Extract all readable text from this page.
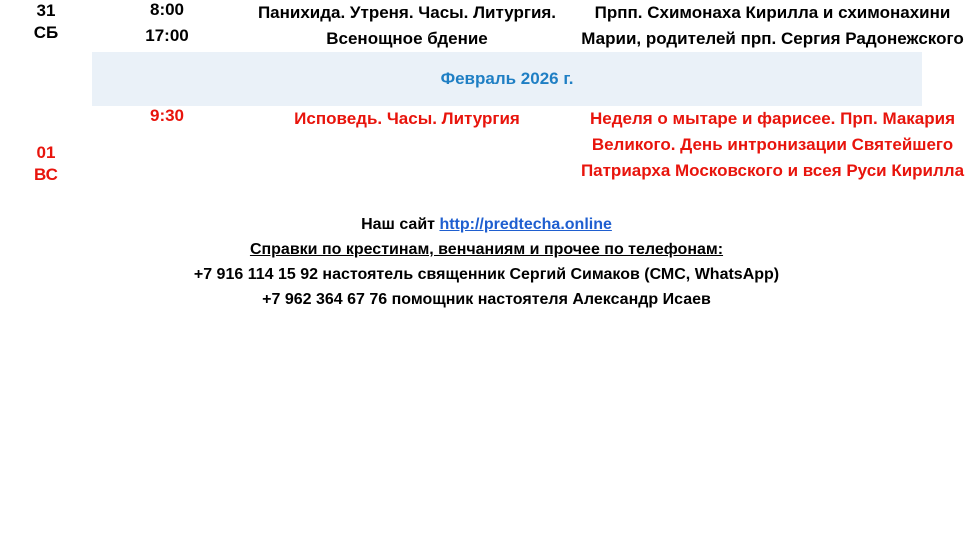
31
СБ	8:00	Панихида. Утреня. Часы. Литургия.	Прпп. Схимонаха Кирилла и схимонахини Марии, родителей прп. Сергия Радонежского
	17:00	Всенощное бдение	
Февраль 2026 г.
01
ВС	9:30	Исповедь. Часы. Литургия	Неделя о мытаре и фарисее. Прп. Макария Великого. День интронизации Святейшего Патриарха Московского и всея Руси Кирилла
Наш сайт http://predtecha.online
Справки по крестинам, венчаниям и прочее по телефонам:
+7 916 114 15 92 настоятель священник Сергий Симаков (СМС, WhatsApp)
+7 962 364 67 76 помощник настоятеля Александр Исаев
